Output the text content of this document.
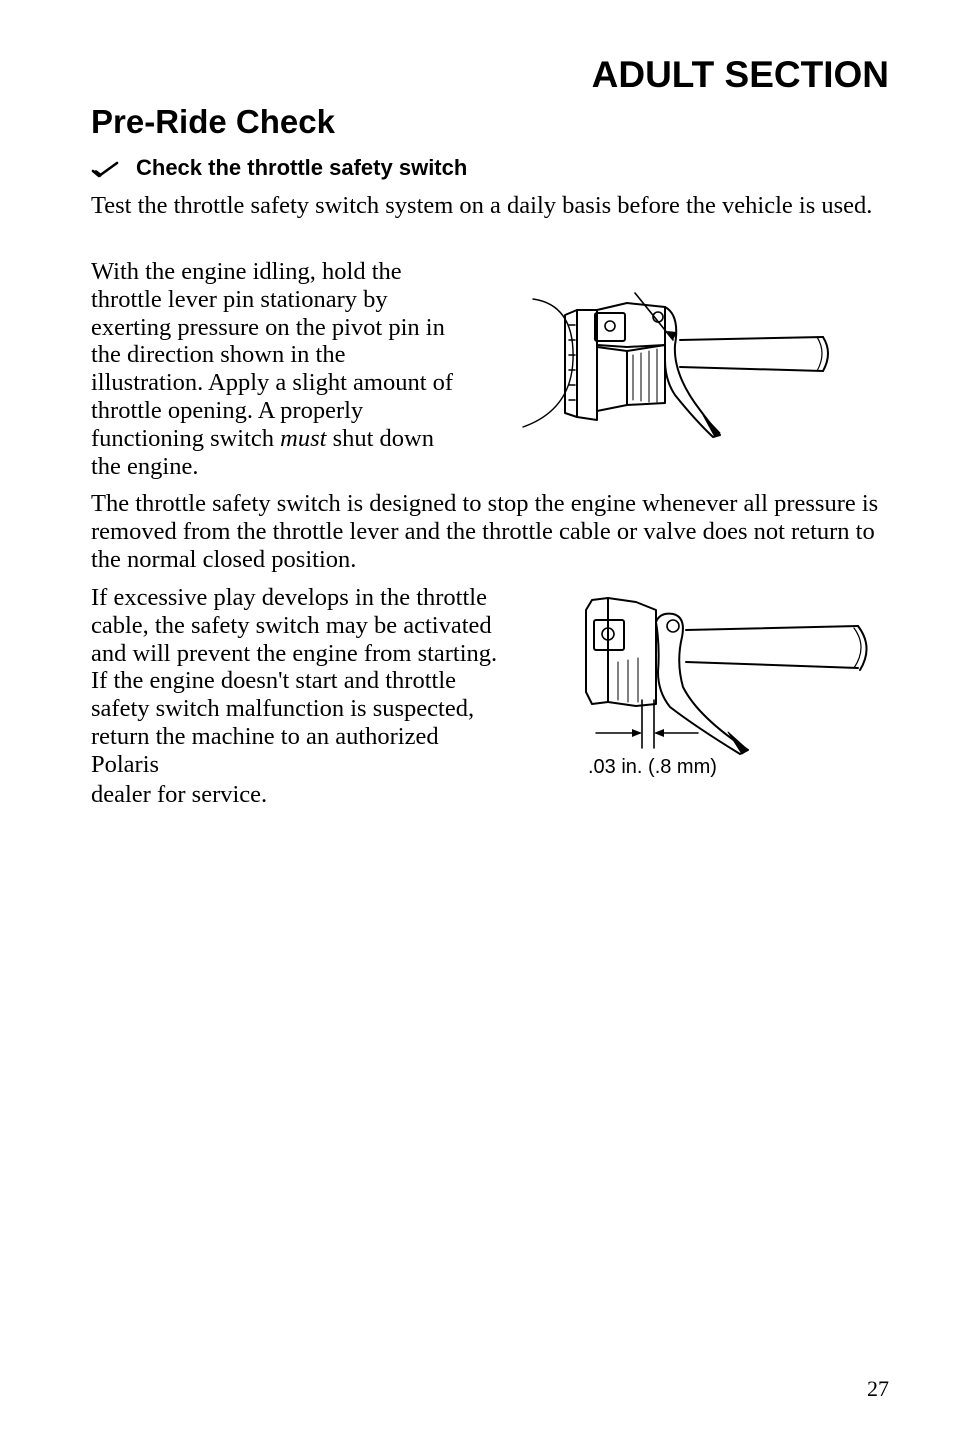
ADULT SECTION
Pre-Ride Check
Check the throttle safety switch

Test the throttle safety switch system on a daily basis before the vehicle is used.

With the engine idling, hold the throttle lever pin stationary by exerting pressure on the pivot pin in the direction shown in the illustration. Apply a slight amount of throttle opening. A properly functioning switch must shut down the engine.

The throttle safety switch is designed to stop the engine whenever all pressure is removed from the throttle lever and the throttle cable or valve does not return to the normal closed position.

If excessive play develops in the throttle cable, the safety switch may be activated and will prevent the engine from starting. If the engine doesn't start and throttle safety switch malfunction is suspected, return the machine to an authorized Polaris
dealer for service.

.03 in. (.8 mm)
27
